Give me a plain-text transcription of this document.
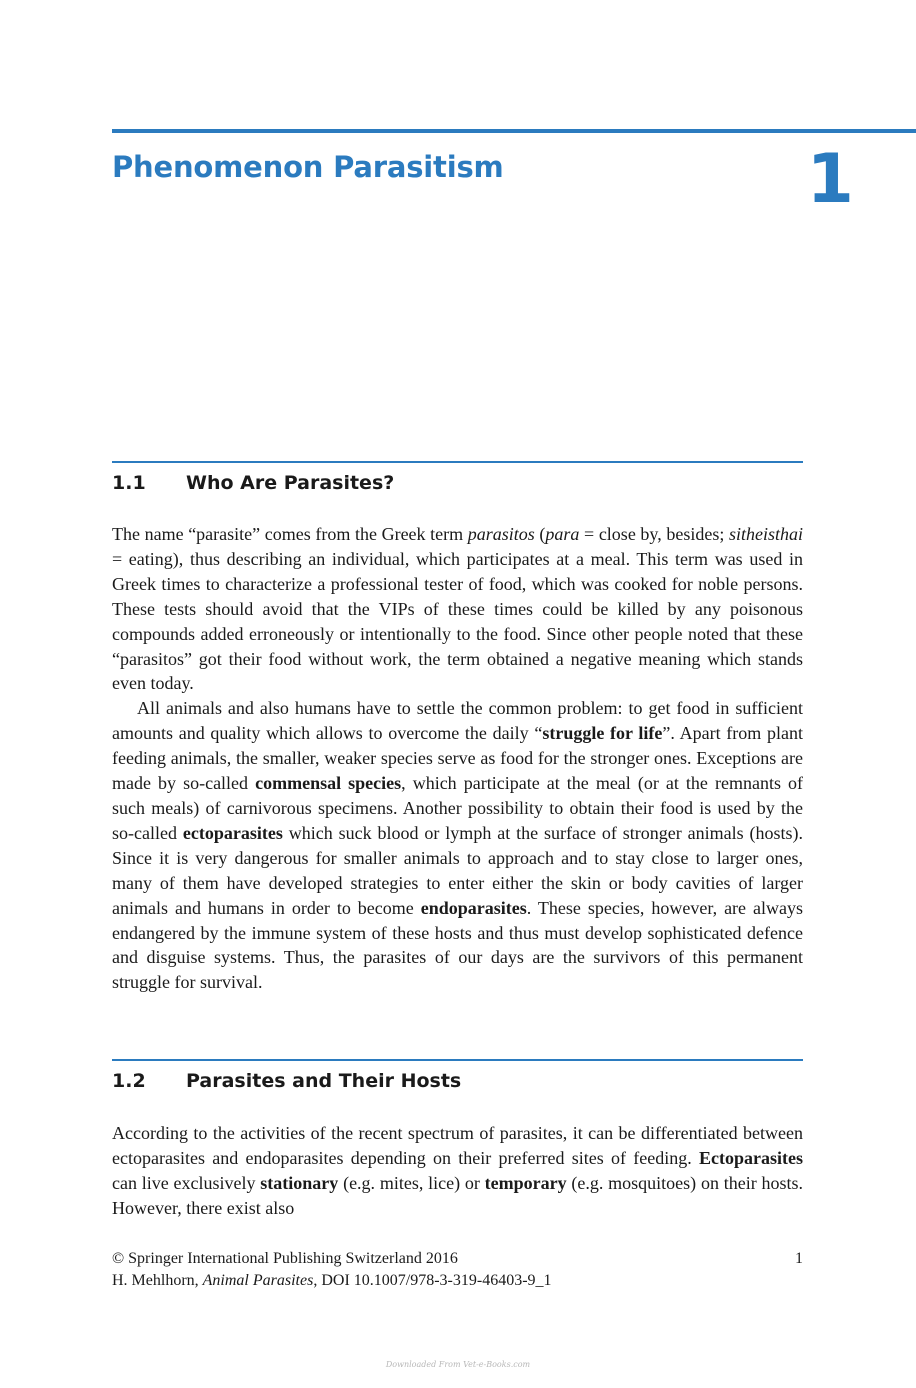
Phenomenon Parasitism	1
1.1 Who Are Parasites?

The name “parasite” comes from the Greek term parasitos (para = close by, besides; sitheisthai = eating), thus describing an individual, which participates at a meal. This term was used in Greek times to characterize a professional tester of food, which was cooked for noble persons. These tests should avoid that the VIPs of these times could be killed by any poisonous compounds added erroneously or intentionally to the food. Since other people noted that these “parasitos” got their food without work, the term obtained a negative meaning which stands even today.

All animals and also humans have to settle the common problem: to get food in sufficient amounts and quality which allows to overcome the daily “struggle for life”. Apart from plant feeding animals, the smaller, weaker species serve as food for the stronger ones. Exceptions are made by so-called commensal species, which participate at the meal (or at the remnants of such meals) of carnivorous specimens. Another possibility to obtain their food is used by the so-called ectoparasites which suck blood or lymph at the surface of stronger animals (hosts). Since it is very dangerous for smaller animals to approach and to stay close to larger ones, many of them have developed strategies to enter either the skin or body cavities of larger animals and humans in order to become endoparasites. These species, however, are always endangered by the immune system of these hosts and thus must develop sophisticated defence and disguise systems. Thus, the parasites of our days are the survivors of this permanent struggle for survival.

1.2 Parasites and Their Hosts

According to the activities of the recent spectrum of parasites, it can be differentiated between ectoparasites and endoparasites depending on their preferred sites of feeding. Ectoparasites can live exclusively stationary (e.g. mites, lice) or temporary (e.g. mosquitoes) on their hosts. However, there exist also

© Springer International Publishing Switzerland 2016	1
H. Mehlhorn, Animal Parasites, DOI 10.1007/978-3-319-46403-9_1
Downloaded From Vet-e-Books.com
